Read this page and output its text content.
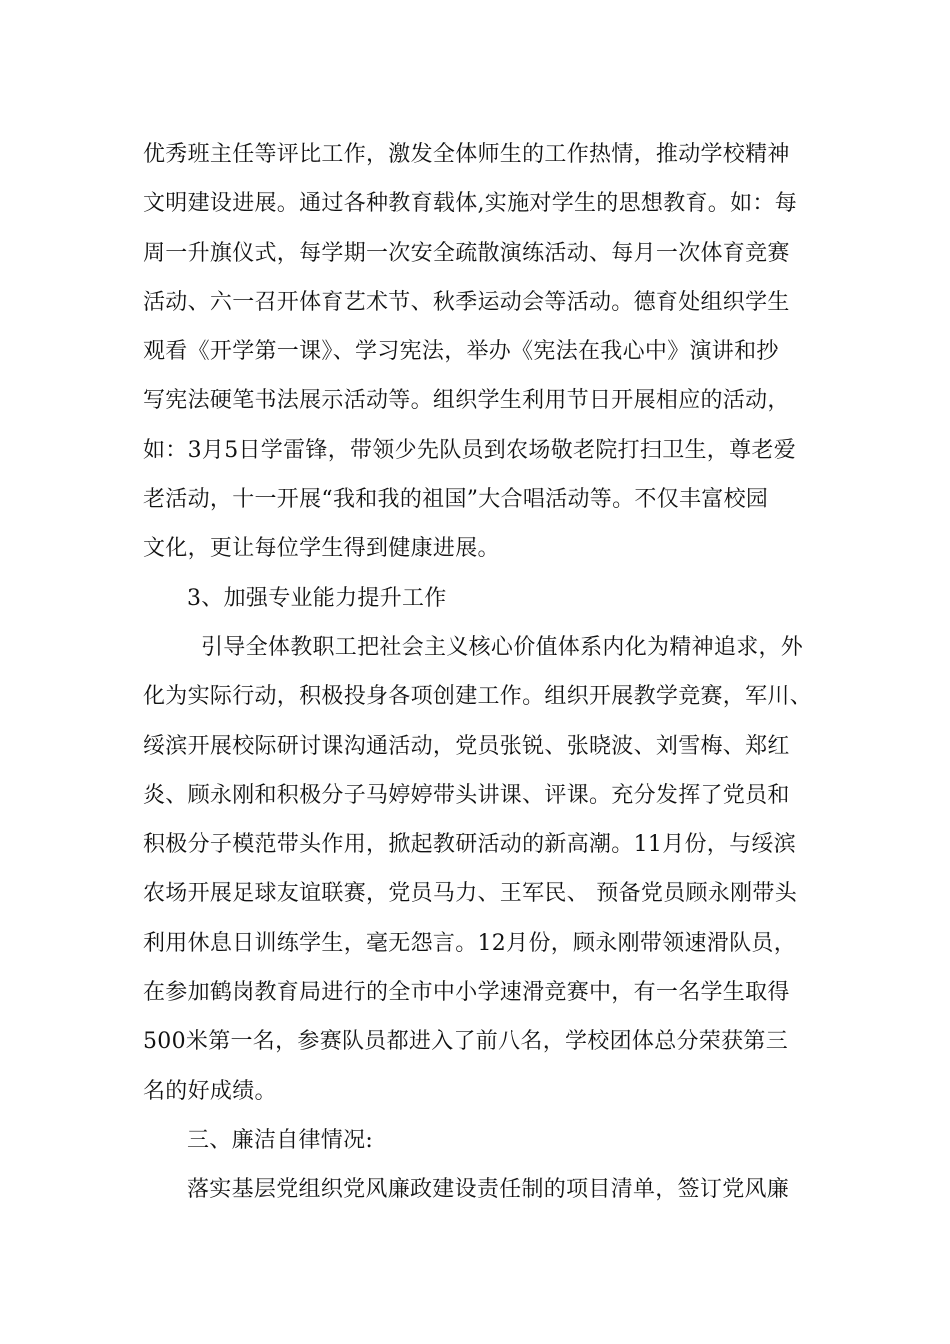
优秀班主任等评比工作，激发全体师生的工作热情，推动学校精神
文明建设进展。通过各种教育载体,实施对学生的思想教育。如：每
周一升旗仪式，每学期一次安全疏散演练活动、每月一次体育竞赛
活动、六一召开体育艺术节、秋季运动会等活动。德育处组织学生
观看《开学第一课》、学习宪法，举办《宪法在我心中》演讲和抄
写宪法硬笔书法展示活动等。组织学生利用节日开展相应的活动，
如：3月5日学雷锋，带领少先队员到农场敬老院打扫卫生，尊老爱
老活动，十一开展“我和我的祖国”大合唱活动等。不仅丰富校园
文化，更让每位学生得到健康进展。
3、加强专业能力提升工作
引导全体教职工把社会主义核心价值体系内化为精神追求，外
化为实际行动，积极投身各项创建工作。组织开展教学竞赛，军川、
绥滨开展校际研讨课沟通活动，党员张锐、张晓波、刘雪梅、郑红
炎、顾永刚和积极分子马婷婷带头讲课、评课。充分发挥了党员和
积极分子模范带头作用，掀起教研活动的新高潮。11月份，与绥滨
农场开展足球友谊联赛，党员马力、王军民、 预备党员顾永刚带头
利用休息日训练学生，毫无怨言。12月份，顾永刚带领速滑队员，
在参加鹤岗教育局进行的全市中小学速滑竞赛中，有一名学生取得
500米第一名，参赛队员都进入了前八名，学校团体总分荣获第三
名的好成绩。
三、廉洁自律情况:
落实基层党组织党风廉政建设责任制的项目清单，签订党风廉
